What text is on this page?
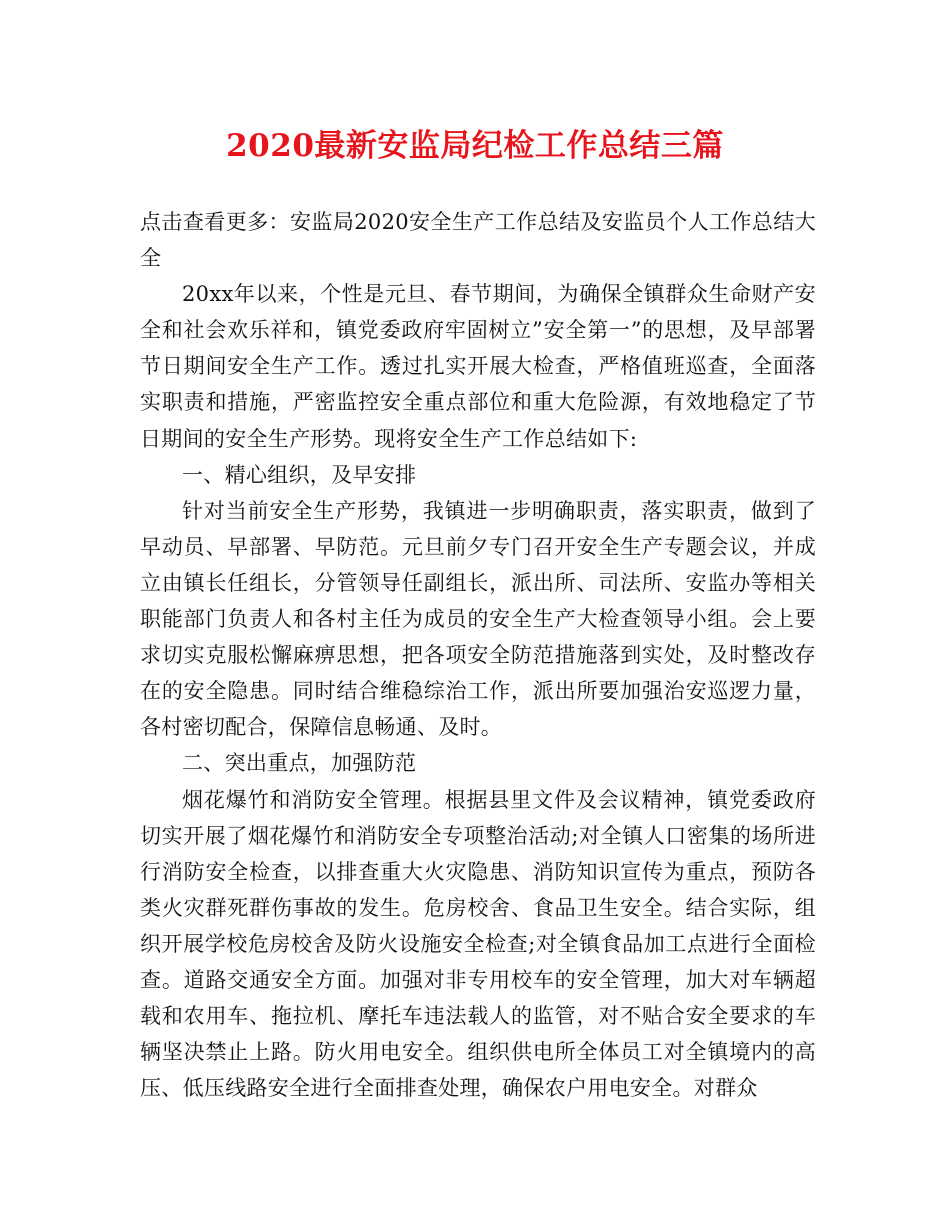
2020最新安监局纪检工作总结三篇

点击查看更多：安监局2020安全生产工作总结及安监员个人工作总结大全

20xx年以来，个性是元旦、春节期间，为确保全镇群众生命财产安全和社会欢乐祥和，镇党委政府牢固树立”安全第一”的思想，及早部署节日期间安全生产工作。透过扎实开展大检查，严格值班巡查，全面落实职责和措施，严密监控安全重点部位和重大危险源，有效地稳定了节日期间的安全生产形势。现将安全生产工作总结如下:

一、精心组织，及早安排

针对当前安全生产形势，我镇进一步明确职责，落实职责，做到了早动员、早部署、早防范。元旦前夕专门召开安全生产专题会议，并成立由镇长任组长，分管领导任副组长，派出所、司法所、安监办等相关职能部门负责人和各村主任为成员的安全生产大检查领导小组。会上要求切实克服松懈麻痹思想，把各项安全防范措施落到实处，及时整改存在的安全隐患。同时结合维稳综治工作，派出所要加强治安巡逻力量，各村密切配合，保障信息畅通、及时。

二、突出重点，加强防范

烟花爆竹和消防安全管理。根据县里文件及会议精神，镇党委政府切实开展了烟花爆竹和消防安全专项整治活动;对全镇人口密集的场所进行消防安全检查，以排查重大火灾隐患、消防知识宣传为重点，预防各类火灾群死群伤事故的发生。危房校舍、食品卫生安全。结合实际，组织开展学校危房校舍及防火设施安全检查;对全镇食品加工点进行全面检查。道路交通安全方面。加强对非专用校车的安全管理，加大对车辆超载和农用车、拖拉机、摩托车违法载人的监管，对不贴合安全要求的车辆坚决禁止上路。防火用电安全。组织供电所全体员工对全镇境内的高压、低压线路安全进行全面排查处理，确保农户用电安全。对群众
